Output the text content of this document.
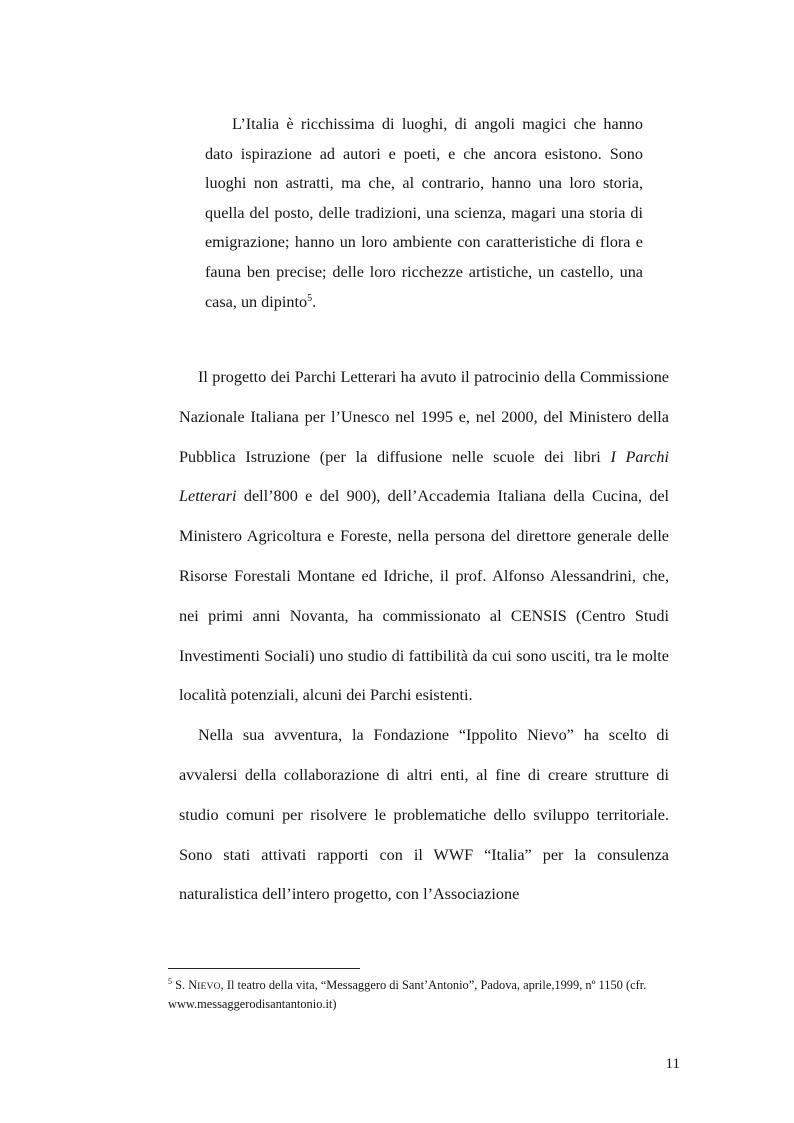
L’Italia è ricchissima di luoghi, di angoli magici che hanno dato ispirazione ad autori e poeti, e che ancora esistono. Sono luoghi non astratti, ma che, al contrario, hanno una loro storia, quella del posto, delle tradizioni, una scienza, magari una storia di emigrazione; hanno un loro ambiente con caratteristiche di flora e fauna ben precise; delle loro ricchezze artistiche, un castello, una casa, un dipinto$^5$.

Il progetto dei Parchi Letterari ha avuto il patrocinio della Commissione Nazionale Italiana per l’Unesco nel 1995 e, nel 2000, del Ministero della Pubblica Istruzione (per la diffusione nelle scuole dei libri I Parchi Letterari dell’800 e del 900), dell’Accademia Italiana della Cucina, del Ministero Agricoltura e Foreste, nella persona del direttore generale delle Risorse Forestali Montane ed Idriche, il prof. Alfonso Alessandrini, che, nei primi anni Novanta, ha commissionato al CENSIS (Centro Studi Investimenti Sociali) uno studio di fattibilità da cui sono usciti, tra le molte località potenziali, alcuni dei Parchi esistenti.

Nella sua avventura, la Fondazione “Ippolito Nievo” ha scelto di avvalersi della collaborazione di altri enti, al fine di creare strutture di studio comuni per risolvere le problematiche dello sviluppo territoriale. Sono stati attivati rapporti con il WWF “Italia” per la consulenza naturalistica dell’intero progetto, con l’Associazione

$^5$ S. NIEVO, Il teatro della vita, “Messaggero di Sant’Antonio”, Padova, aprile,1999, nº 1150 (cfr. www.messaggerodisantantonio.it)

11
